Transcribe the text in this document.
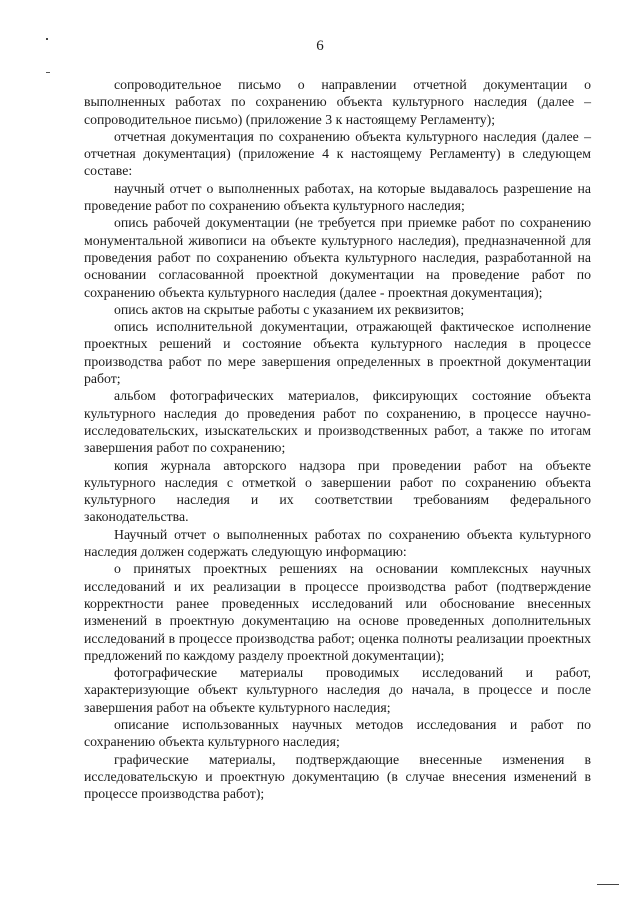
6

сопроводительное письмо о направлении отчетной документации о выполненных работах по сохранению объекта культурного наследия (далее – сопроводительное письмо) (приложение 3 к настоящему Регламенту);

отчетная документация по сохранению объекта культурного наследия (далее – отчетная документация) (приложение 4 к настоящему Регламенту) в следующем составе:

научный отчет о выполненных работах, на которые выдавалось разрешение на проведение работ по сохранению объекта культурного наследия;

опись рабочей документации (не требуется при приемке работ по сохранению монументальной живописи на объекте культурного наследия), предназначенной для проведения работ по сохранению объекта культурного наследия, разработанной на основании согласованной проектной документации на проведение работ по сохранению объекта культурного наследия (далее - проектная документация);

опись актов на скрытые работы с указанием их реквизитов;

опись исполнительной документации, отражающей фактическое исполнение проектных решений и состояние объекта культурного наследия в процессе производства работ по мере завершения определенных в проектной документации работ;

альбом фотографических материалов, фиксирующих состояние объекта культурного наследия до проведения работ по сохранению, в процессе научно-исследовательских, изыскательских и производственных работ, а также по итогам завершения работ по сохранению;

копия журнала авторского надзора при проведении работ на объекте культурного наследия с отметкой о завершении работ по сохранению объекта культурного наследия и их соответствии требованиям федерального законодательства.

Научный отчет о выполненных работах по сохранению объекта культурного наследия должен содержать следующую информацию:

о принятых проектных решениях на основании комплексных научных исследований и их реализации в процессе производства работ (подтверждение корректности ранее проведенных исследований или обоснование внесенных изменений в проектную документацию на основе проведенных дополнительных исследований в процессе производства работ; оценка полноты реализации проектных предложений по каждому разделу проектной документации);

фотографические материалы проводимых исследований и работ, характеризующие объект культурного наследия до начала, в процессе и после завершения работ на объекте культурного наследия;

описание использованных научных методов исследования и работ по сохранению объекта культурного наследия;

графические материалы, подтверждающие внесенные изменения в исследовательскую и проектную документацию (в случае внесения изменений в процессе производства работ);
